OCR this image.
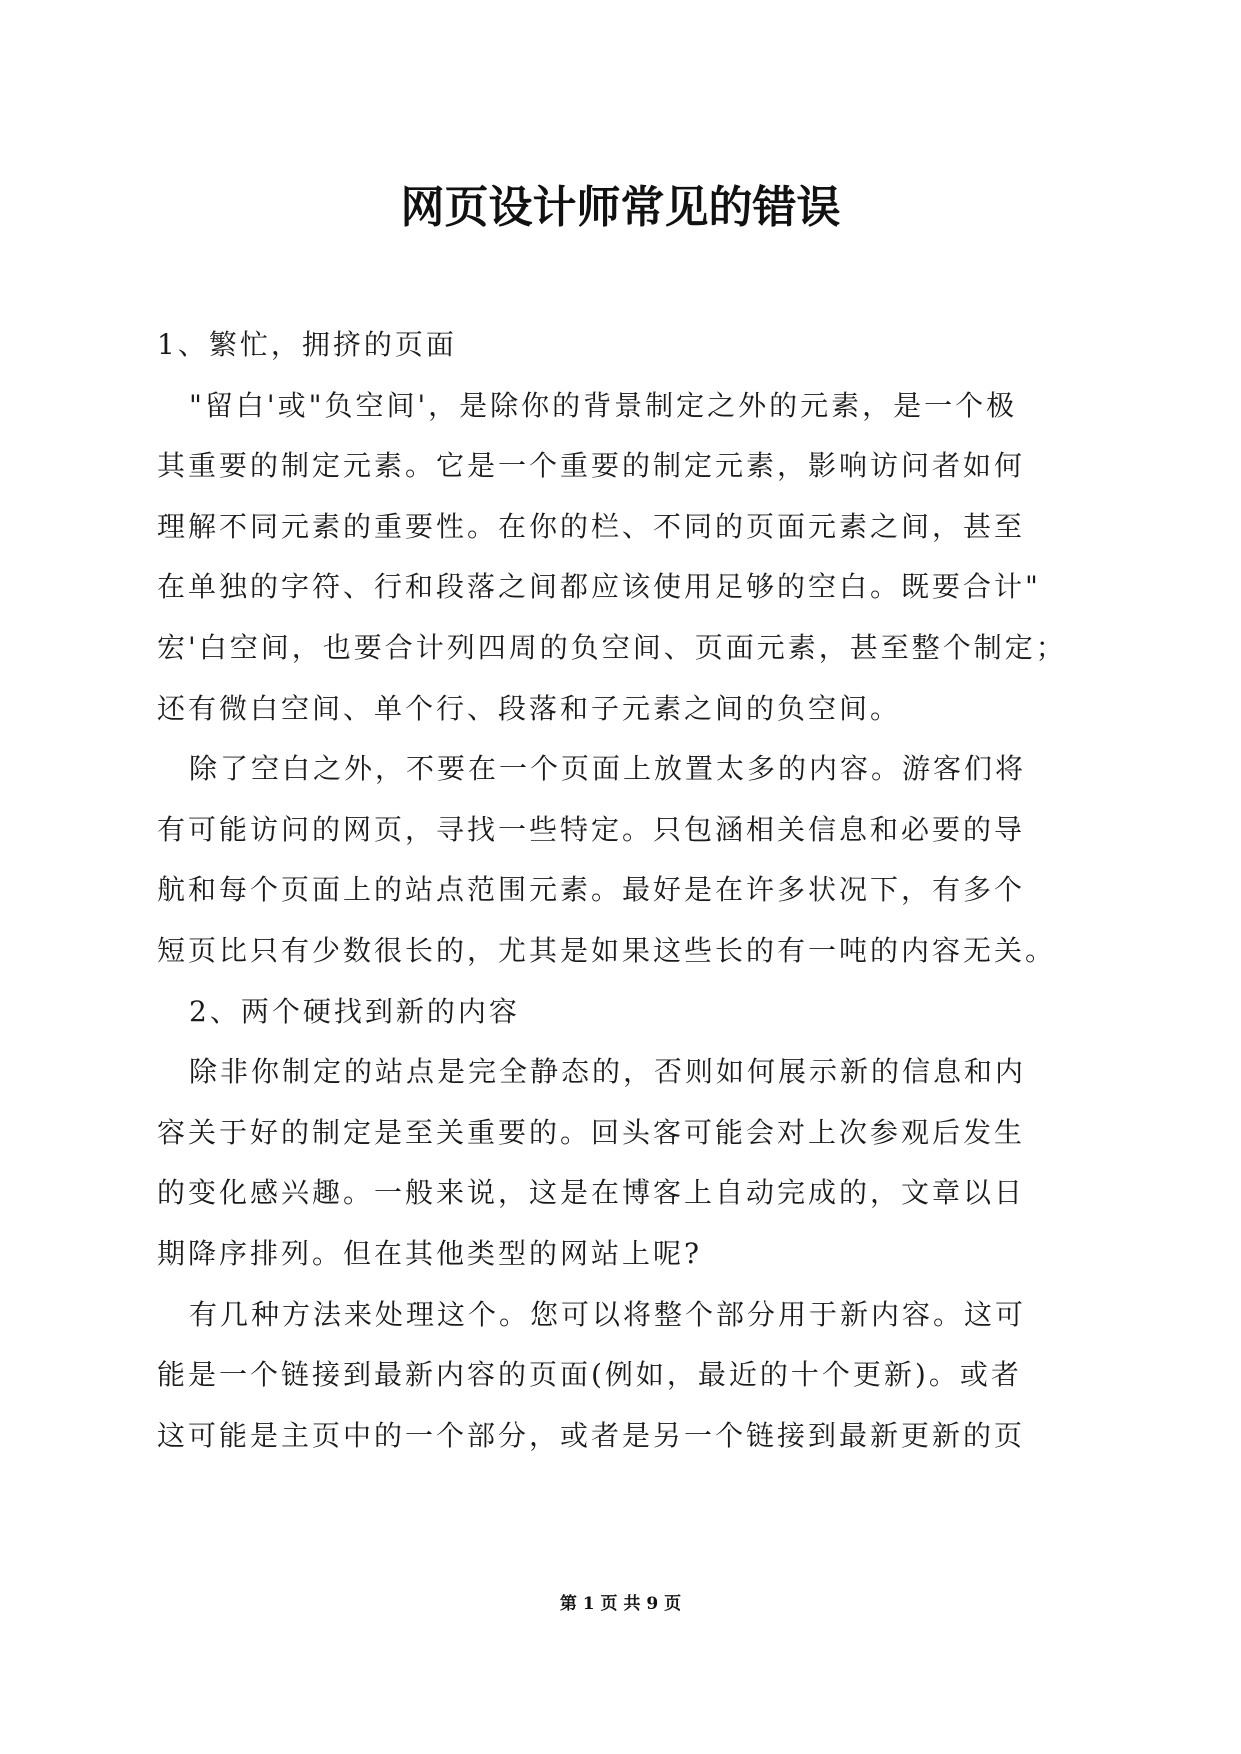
网页设计师常见的错误
1、繁忙，拥挤的页面
"留白'或"负空间'，是除你的背景制定之外的元素，是一个极
其重要的制定元素。它是一个重要的制定元素，影响访问者如何
理解不同元素的重要性。在你的栏、不同的页面元素之间，甚至
在单独的字符、行和段落之间都应该使用足够的空白。既要合计"
宏'白空间，也要合计列四周的负空间、页面元素，甚至整个制定；
还有微白空间、单个行、段落和子元素之间的负空间。
除了空白之外，不要在一个页面上放置太多的内容。游客们将
有可能访问的网页，寻找一些特定。只包涵相关信息和必要的导
航和每个页面上的站点范围元素。最好是在许多状况下，有多个
短页比只有少数很长的，尤其是如果这些长的有一吨的内容无关。
2、两个硬找到新的内容
除非你制定的站点是完全静态的，否则如何展示新的信息和内
容关于好的制定是至关重要的。回头客可能会对上次参观后发生
的变化感兴趣。一般来说，这是在博客上自动完成的，文章以日
期降序排列。但在其他类型的网站上呢?
有几种方法来处理这个。您可以将整个部分用于新内容。这可
能是一个链接到最新内容的页面(例如，最近的十个更新)。或者
这可能是主页中的一个部分，或者是另一个链接到最新更新的页
第 1 页 共 9 页
